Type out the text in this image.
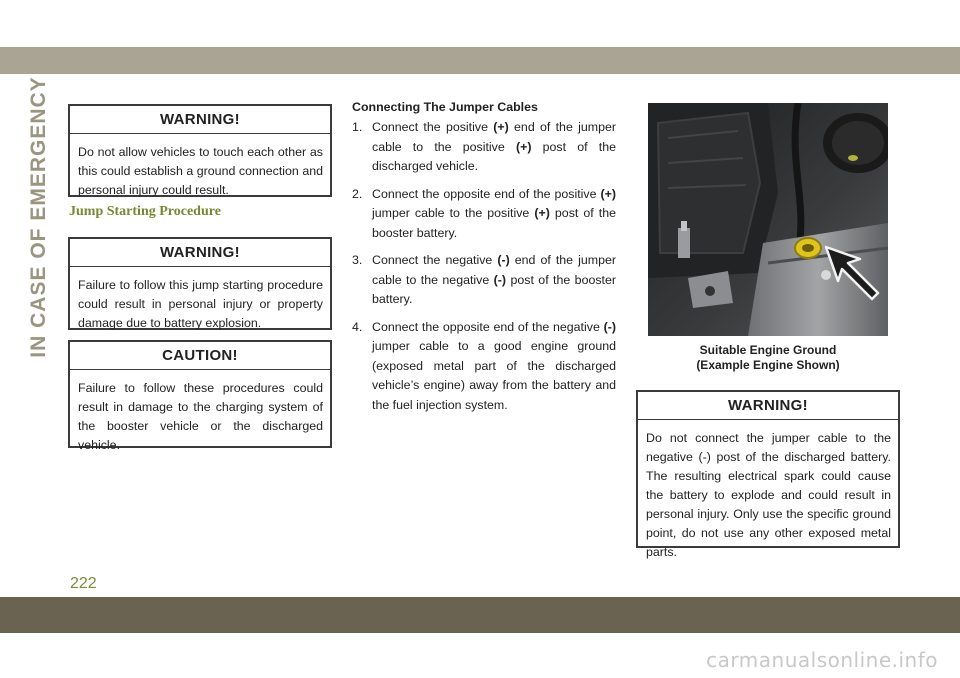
IN CASE OF EMERGENCY	WARNING!
Do not allow vehicles to touch each other as this could establish a ground connection and personal injury could result.
Jump Starting Procedure
WARNING!
Failure to follow this jump starting procedure could result in personal injury or property damage due to battery explosion.
CAUTION!
Failure to follow these procedures could result in damage to the charging system of the booster vehicle or the discharged vehicle.
Connecting The Jumper Cables
1. Connect the positive (+) end of the jumper cable to the positive (+) post of the discharged vehicle.
2. Connect the opposite end of the positive (+) jumper cable to the positive (+) post of the booster battery.
3. Connect the negative (-) end of the jumper cable to the negative (-) post of the booster battery.
4. Connect the opposite end of the negative (-) jumper cable to a good engine ground (exposed metal part of the discharged vehicle’s engine) away from the battery and the fuel injection system.
Suitable Engine Ground
(Example Engine Shown)
WARNING!
Do not connect the jumper cable to the negative (-) post of the discharged battery. The resulting electrical spark could cause the battery to explode and could result in personal injury. Only use the specific ground point, do not use any other exposed metal parts.
222
carmanualsonline.info
